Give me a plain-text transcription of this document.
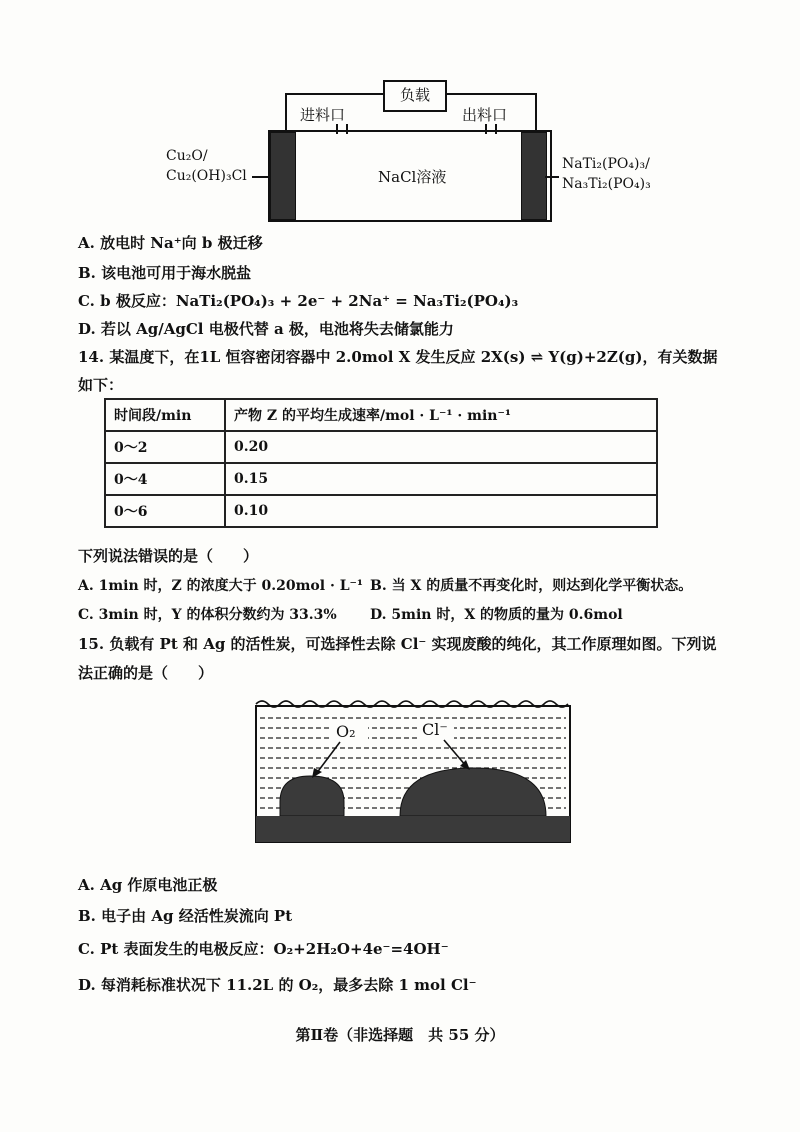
负载
进料口	出料口
NaCl溶液
Cu₂O/
Cu₂(OH)₃Cl
NaTi₂(PO₄)₃/
Na₃Ti₂(PO₄)₃
A. 放电时 Na⁺向 b 极迁移
B. 该电池可用于海水脱盐
C. b 极反应：NaTi₂(PO₄)₃ + 2e⁻ + 2Na⁺ = Na₃Ti₂(PO₄)₃
D. 若以 Ag/AgCl 电极代替 a 极，电池将失去储氯能力
14. 某温度下，在1L 恒容密闭容器中 2.0mol X 发生反应 2X(s) ⇌ Y(g)+2Z(g)，有关数据
如下：
时间段/min	产物 Z 的平均生成速率/mol · L⁻¹ · min⁻¹
0～2	0.20
0～4	0.15
0～6	0.10
下列说法错误的是（　　）
A. 1min 时，Z 的浓度大于 0.20mol · L⁻¹ B. 当 X 的质量不再变化时，则达到化学平衡状态。
C. 3min 时，Y 的体积分数约为 33.3% D. 5min 时，X 的物质的量为 0.6mol
15. 负载有 Pt 和 Ag 的活性炭，可选择性去除 Cl⁻ 实现废酸的纯化，其工作原理如图。下列说
法正确的是（　　）
O₂	Cl⁻
A. Ag 作原电池正极
B. 电子由 Ag 经活性炭流向 Pt
C. Pt 表面发生的电极反应：O₂+2H₂O+4e⁻=4OH⁻
D. 每消耗标准状况下 11.2L 的 O₂，最多去除 1 mol Cl⁻
第Ⅱ卷（非选择题　共 55 分）
